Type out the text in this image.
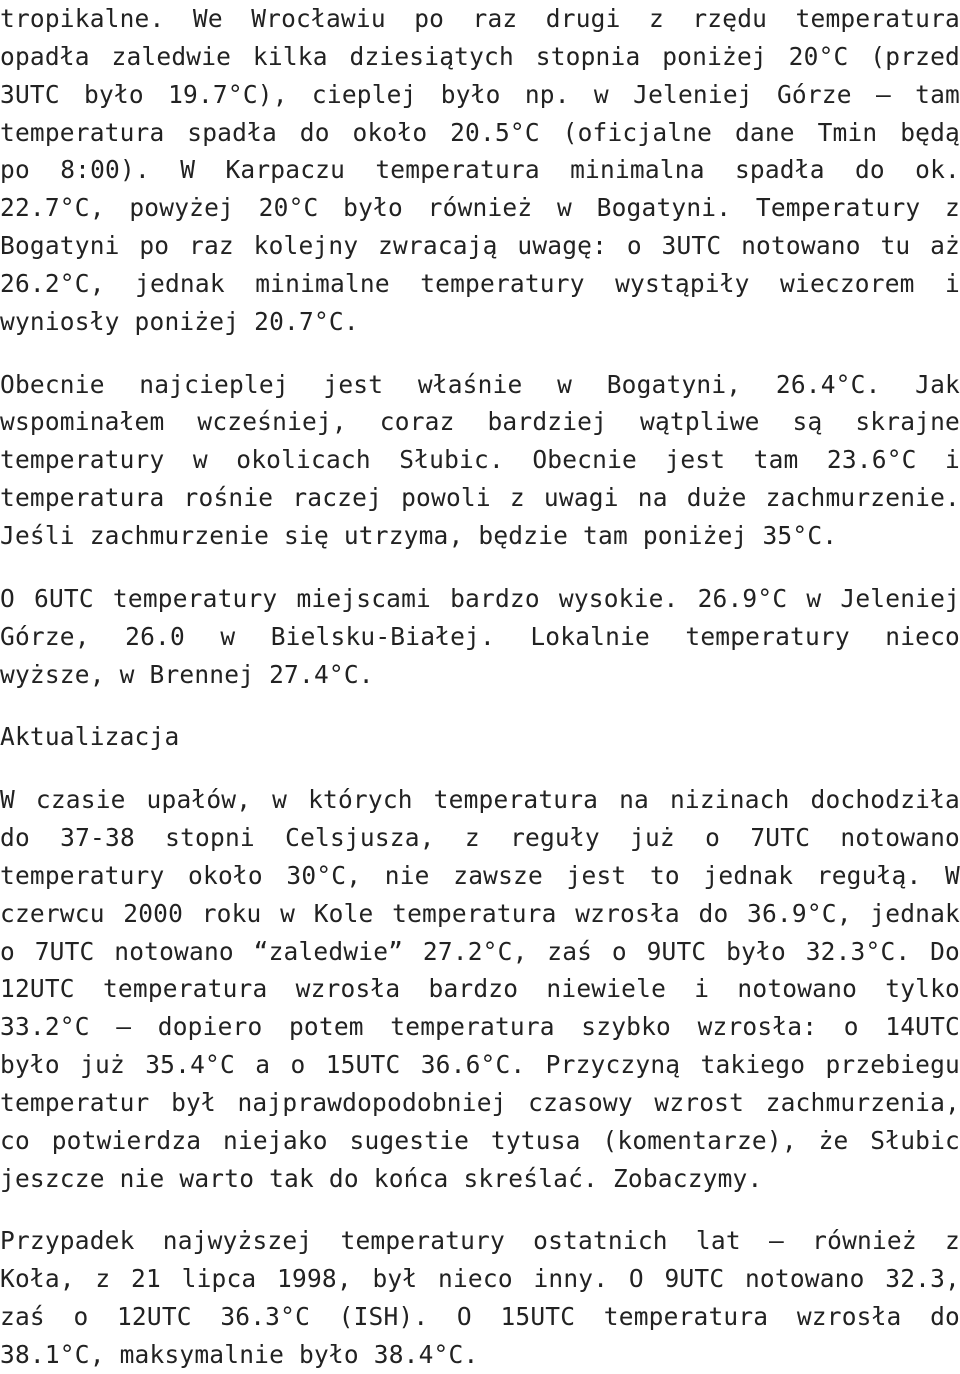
tropikalne. We Wrocławiu po raz drugi z rzędu temperatura
opadła zaledwie kilka dziesiątych stopnia poniżej 20°C (przed
3UTC było 19.7°C), cieplej było np. w Jeleniej Górze – tam
temperatura spadła do około 20.5°C (oficjalne dane Tmin będą
po 8:00). W Karpaczu temperatura minimalna spadła do ok.
22.7°C, powyżej 20°C było również w Bogatyni. Temperatury z
Bogatyni po raz kolejny zwracają uwagę: o 3UTC notowano tu aż
26.2°C, jednak minimalne temperatury wystąpiły wieczorem i
wyniosły poniżej 20.7°C.
Obecnie najcieplej jest właśnie w Bogatyni, 26.4°C. Jak
wspominałem wcześniej, coraz bardziej wątpliwe są skrajne
temperatury w okolicach Słubic. Obecnie jest tam 23.6°C i
temperatura rośnie raczej powoli z uwagi na duże zachmurzenie.
Jeśli zachmurzenie się utrzyma, będzie tam poniżej 35°C.
O 6UTC temperatury miejscami bardzo wysokie. 26.9°C w Jeleniej
Górze, 26.0 w Bielsku-Białej. Lokalnie temperatury nieco
wyższe, w Brennej 27.4°C.
Aktualizacja
W czasie upałów, w których temperatura na nizinach dochodziła
do 37-38 stopni Celsjusza, z reguły już o 7UTC notowano
temperatury około 30°C, nie zawsze jest to jednak regułą. W
czerwcu 2000 roku w Kole temperatura wzrosła do 36.9°C, jednak
o 7UTC notowano “zaledwie” 27.2°C, zaś o 9UTC było 32.3°C. Do
12UTC temperatura wzrosła bardzo niewiele i notowano tylko
33.2°C – dopiero potem temperatura szybko wzrosła: o 14UTC
było już 35.4°C a o 15UTC 36.6°C. Przyczyną takiego przebiegu
temperatur był najprawdopodobniej czasowy wzrost zachmurzenia,
co potwierdza niejako sugestie tytusa (komentarze), że Słubic
jeszcze nie warto tak do końca skreślać. Zobaczymy.
Przypadek najwyższej temperatury ostatnich lat – również z
Koła, z 21 lipca 1998, był nieco inny. O 9UTC notowano 32.3,
zaś o 12UTC 36.3°C (ISH). O 15UTC temperatura wzrosła do
38.1°C, maksymalnie było 38.4°C.
